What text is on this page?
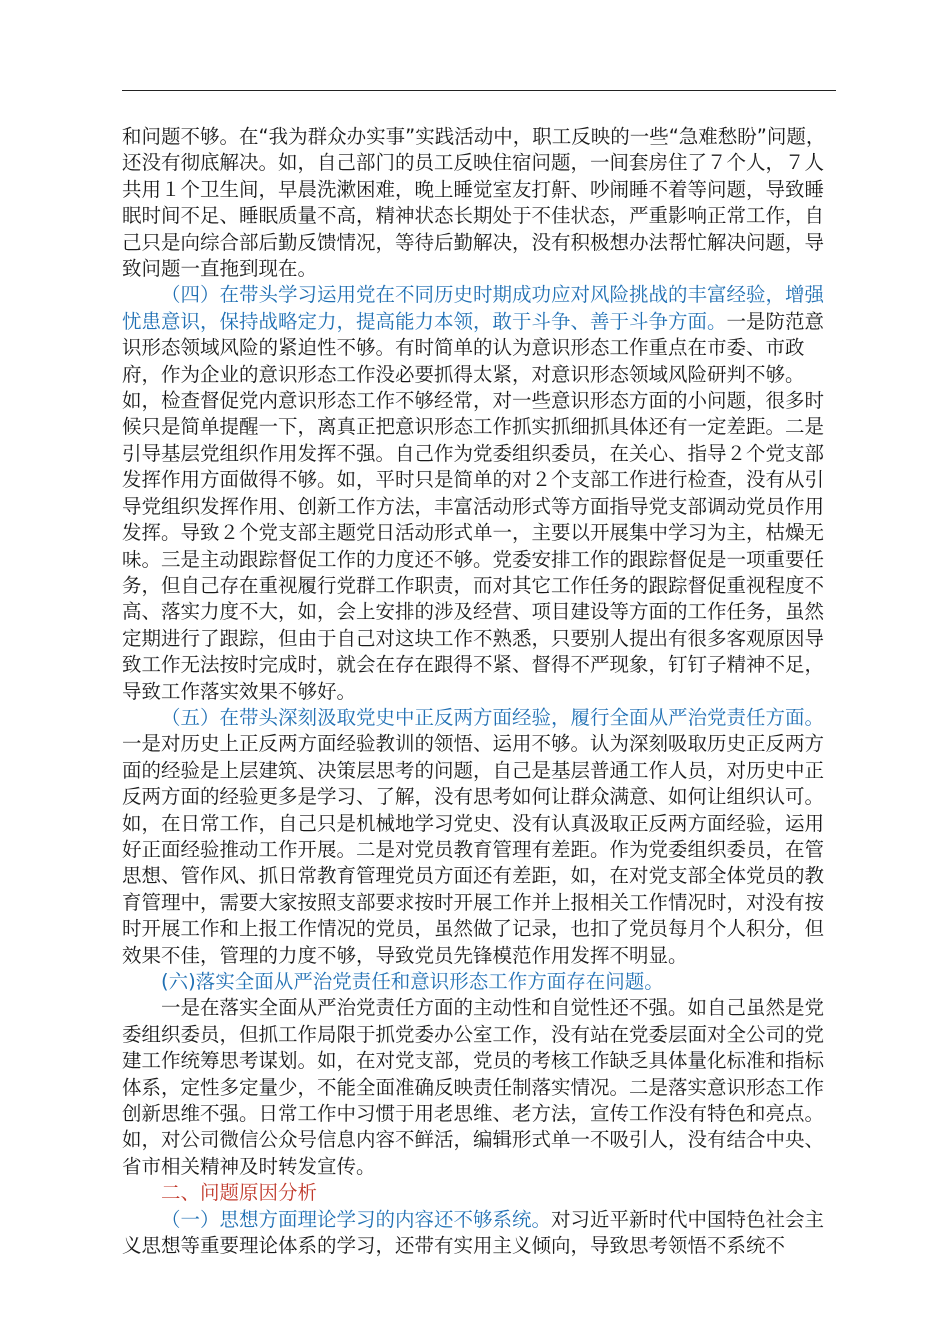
和问题不够。在“我为群众办实事”实践活动中，职工反映的一些“急难愁盼”问题，还没有彻底解决。如，自己部门的员工反映住宿问题，一间套房住了７个人，７人共用１个卫生间，早晨洗漱困难，晚上睡觉室友打鼾、吵闹睡不着等问题，导致睡眠时间不足、睡眠质量不高，精神状态长期处于不佳状态，严重影响正常工作，自己只是向综合部后勤反馈情况，等待后勤解决，没有积极想办法帮忙解决问题，导致问题一直拖到现在。

（四）在带头学习运用党在不同历史时期成功应对风险挑战的丰富经验，增强忧患意识，保持战略定力，提高能力本领，敢于斗争、善于斗争方面。一是防范意识形态领域风险的紧迫性不够。有时简单的认为意识形态工作重点在市委、市政府，作为企业的意识形态工作没必要抓得太紧，对意识形态领域风险研判不够。如，检查督促党内意识形态工作不够经常，对一些意识形态方面的小问题，很多时候只是简单提醒一下，离真正把意识形态工作抓实抓细抓具体还有一定差距。二是引导基层党组织作用发挥不强。自己作为党委组织委员，在关心、指导２个党支部发挥作用方面做得不够。如，平时只是简单的对２个支部工作进行检查，没有从引导党组织发挥作用、创新工作方法，丰富活动形式等方面指导党支部调动党员作用发挥。导致２个党支部主题党日活动形式单一，主要以开展集中学习为主，枯燥无味。三是主动跟踪督促工作的力度还不够。党委安排工作的跟踪督促是一项重要任务，但自己存在重视履行党群工作职责，而对其它工作任务的跟踪督促重视程度不高、落实力度不大，如，会上安排的涉及经营、项目建设等方面的工作任务，虽然定期进行了跟踪，但由于自己对这块工作不熟悉，只要别人提出有很多客观原因导致工作无法按时完成时，就会在存在跟得不紧、督得不严现象，钉钉子精神不足，导致工作落实效果不够好。

（五）在带头深刻汲取党史中正反两方面经验，履行全面从严治党责任方面。一是对历史上正反两方面经验教训的领悟、运用不够。认为深刻吸取历史正反两方面的经验是上层建筑、决策层思考的问题，自己是基层普通工作人员，对历史中正反两方面的经验更多是学习、了解，没有思考如何让群众满意、如何让组织认可。如，在日常工作，自己只是机械地学习党史、没有认真汲取正反两方面经验，运用好正面经验推动工作开展。二是对党员教育管理有差距。作为党委组织委员，在管思想、管作风、抓日常教育管理党员方面还有差距，如，在对党支部全体党员的教育管理中，需要大家按照支部要求按时开展工作并上报相关工作情况时，对没有按时开展工作和上报工作情况的党员，虽然做了记录，也扣了党员每月个人积分，但效果不佳，管理的力度不够，导致党员先锋模范作用发挥不明显。

(六)落实全面从严治党责任和意识形态工作方面存在问题。

一是在落实全面从严治党责任方面的主动性和自觉性还不强。如自己虽然是党委组织委员，但抓工作局限于抓党委办公室工作，没有站在党委层面对全公司的党建工作统筹思考谋划。如，在对党支部，党员的考核工作缺乏具体量化标准和指标体系，定性多定量少，不能全面准确反映责任制落实情况。二是落实意识形态工作创新思维不强。日常工作中习惯于用老思维、老方法，宣传工作没有特色和亮点。如，对公司微信公众号信息内容不鲜活，编辑形式单一不吸引人，没有结合中央、省市相关精神及时转发宣传。

二、问题原因分析

（一）思想方面理论学习的内容还不够系统。对习近平新时代中国特色社会主义思想等重要理论体系的学习，还带有实用主义倾向，导致思考领悟不系统不
